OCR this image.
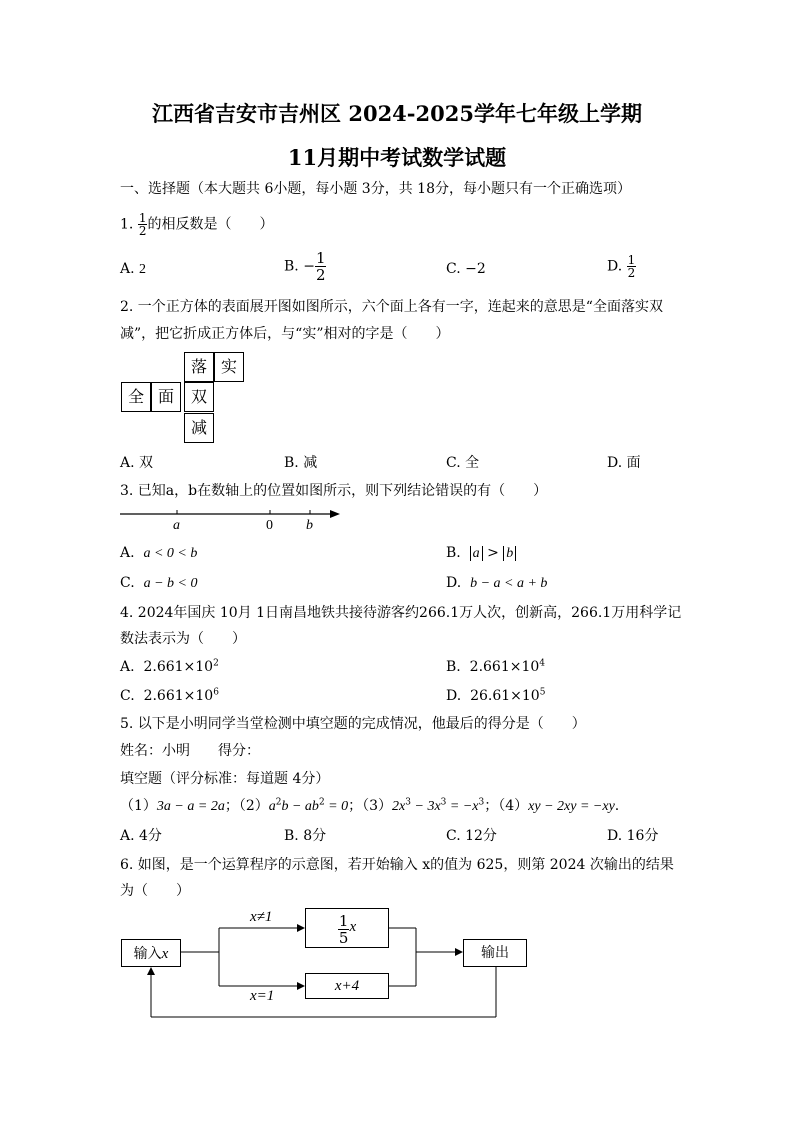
江西省吉安市吉州区 2024-2025学年七年级上学期
11月期中考试数学试题
一、选择题（本大题共 6小题，每小题 3分，共 18分，每小题只有一个正确选项）
1. $\frac{1}{2}$ 的相反数是（　　）
A. 2	B. − $\frac{1}{2}$	C. −2	D. $\frac{1}{2}$
2. 一个正方体的表面展开图如图所示，六个面上各有一字，连起来的意思是“全面落实双
减”，把它折成正方体后，与“实”相对的字是（　　）
落 实
全 面	双
减
A. 双	B. 减	C. 全	D. 面
3. 已知a，b在数轴上的位置如图所示，则下列结论错误的有（　　）
a	0 b
A. a < 0 < b	B. a > b
C. a − b < 0	D. b − a < a + b
4. 2024年国庆 10月 1日南昌地铁共接待游客约266.1万人次，创新高，266.1万用科学记
数法表示为（　　）
A. $2.661\times 10^2$	B. $2.661\times 10^4$
C. $2.661\times 10^6$	D. $26.61\times 10^5$
5. 以下是小明同学当堂检测中填空题的完成情况，他最后的得分是（　　）
姓名：小明　　得分：
填空题（评分标准：每道题 4分）
（1）3a − a = 2a；$(2)a^2b - ab^2 = 0$；$(3)2x^3 - 3x^3 = -x^3$；（4）xy − 2xy = −xy.
A. 4分	B. 8分	C. 12分	D. 16分
6. 如图，是一个运算程序的示意图，若开始输入 x的值为 625，则第 2024 次输出的结果
为（　　）
x≠1
x=1
输入x
$\frac{1}{5}$ x
x+4
输出
